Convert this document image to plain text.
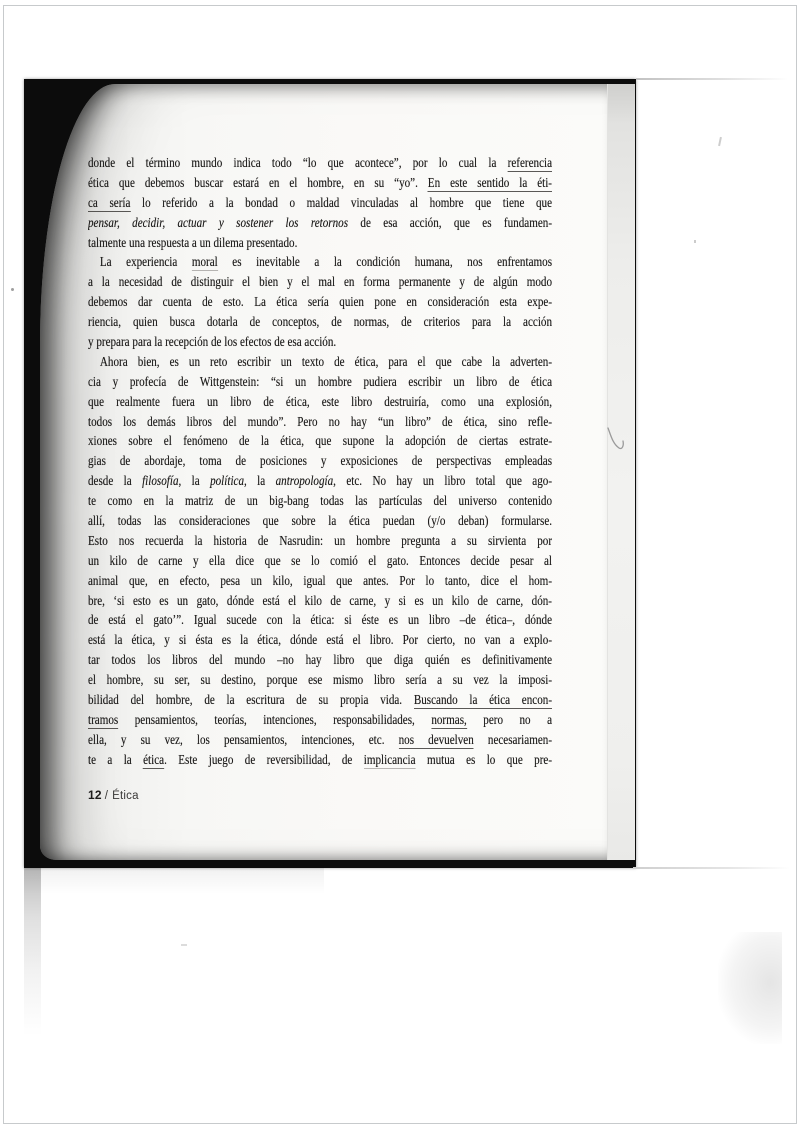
donde el término mundo indica todo “lo que acontece”, por lo cual la referencia
ética que debemos buscar estará en el hombre, en su “yo”. En este sentido la éti-
ca sería lo referido a la bondad o maldad vinculadas al hombre que tiene que
pensar, decidir, actuar y sostener los retornos de esa acción, que es fundamen-
talmente una respuesta a un dilema presentado.
La experiencia moral es inevitable a la condición humana, nos enfrentamos
a la necesidad de distinguir el bien y el mal en forma permanente y de algún modo
debemos dar cuenta de esto. La ética sería quien pone en consideración esta expe-
riencia, quien busca dotarla de conceptos, de normas, de criterios para la acción
y prepara para la recepción de los efectos de esa acción.
Ahora bien, es un reto escribir un texto de ética, para el que cabe la adverten-
cia y profecía de Wittgenstein: “si un hombre pudiera escribir un libro de ética
que realmente fuera un libro de ética, este libro destruiría, como una explosión,
todos los demás libros del mundo”. Pero no hay “un libro” de ética, sino refle-
xiones sobre el fenómeno de la ética, que supone la adopción de ciertas estrate-
gias de abordaje, toma de posiciones y exposiciones de perspectivas empleadas
desde la filosofía, la política, la antropología, etc. No hay un libro total que ago-
te como en la matriz de un big-bang todas las partículas del universo contenido
allí, todas las consideraciones que sobre la ética puedan (y/o deban) formularse.
Esto nos recuerda la historia de Nasrudin: un hombre pregunta a su sirvienta por
un kilo de carne y ella dice que se lo comió el gato. Entonces decide pesar al
animal que, en efecto, pesa un kilo, igual que antes. Por lo tanto, dice el hom-
bre, ‘si esto es un gato, dónde está el kilo de carne, y si es un kilo de carne, dón-
de está el gato’”. Igual sucede con la ética: si éste es un libro –de ética–, dónde
está la ética, y si ésta es la ética, dónde está el libro. Por cierto, no van a explo-
tar todos los libros del mundo –no hay libro que diga quién es definitivamente
el hombre, su ser, su destino, porque ese mismo libro sería a su vez la imposi-
bilidad del hombre, de la escritura de su propia vida. Buscando la ética encon-
tramos pensamientos, teorías, intenciones, responsabilidades, normas, pero no a
ella, y su vez, los pensamientos, intenciones, etc. nos devuelven necesariamen-
te a la ética. Este juego de reversibilidad, de implicancia mutua es lo que pre-
12 / Ética
